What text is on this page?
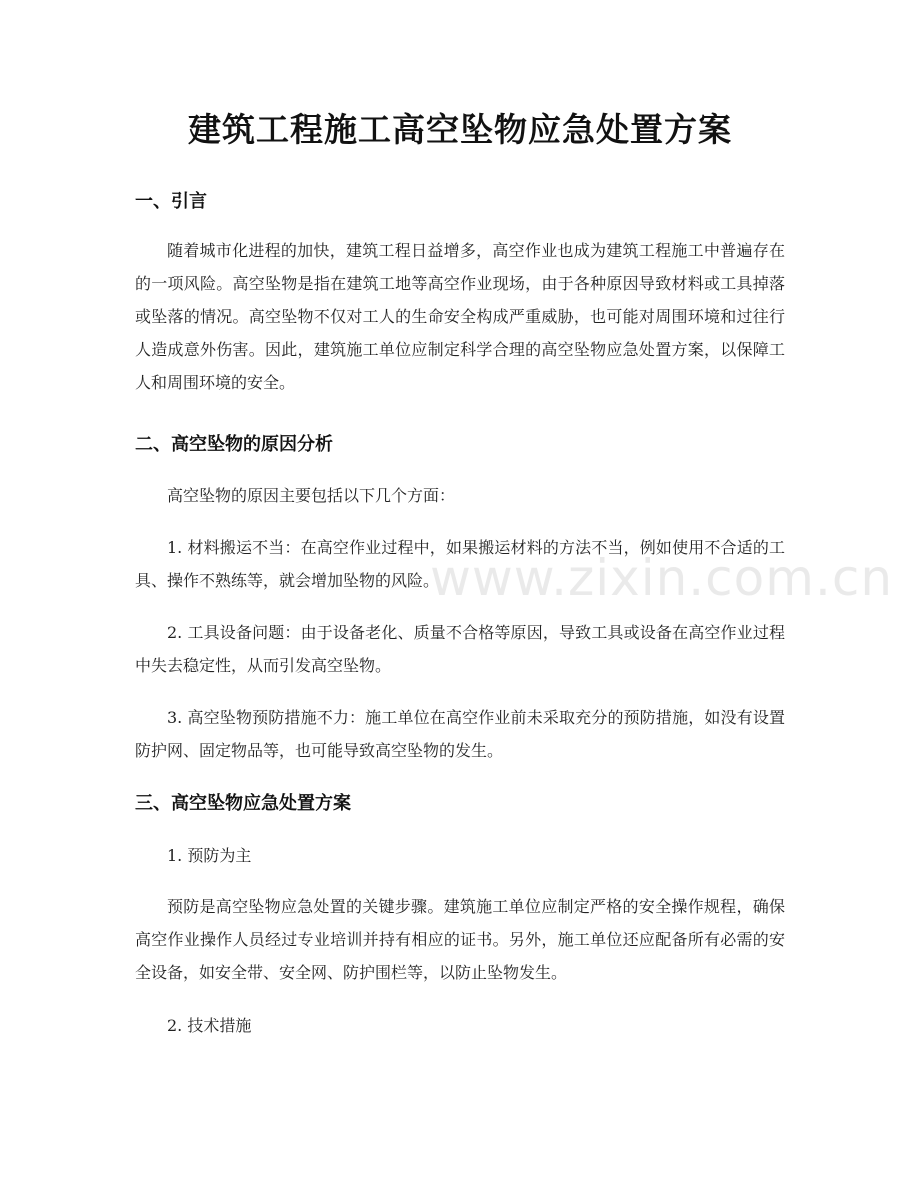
建筑工程施工高空坠物应急处置方案
一、引言
随着城市化进程的加快，建筑工程日益增多，高空作业也成为建筑工程施工中普遍存在的一项风险。高空坠物是指在建筑工地等高空作业现场，由于各种原因导致材料或工具掉落或坠落的情况。高空坠物不仅对工人的生命安全构成严重威胁，也可能对周围环境和过往行人造成意外伤害。因此，建筑施工单位应制定科学合理的高空坠物应急处置方案，以保障工人和周围环境的安全。
二、高空坠物的原因分析
高空坠物的原因主要包括以下几个方面：
1. 材料搬运不当：在高空作业过程中，如果搬运材料的方法不当，例如使用不合适的工具、操作不熟练等，就会增加坠物的风险。
2. 工具设备问题：由于设备老化、质量不合格等原因，导致工具或设备在高空作业过程中失去稳定性，从而引发高空坠物。
3. 高空坠物预防措施不力：施工单位在高空作业前未采取充分的预防措施，如没有设置防护网、固定物品等，也可能导致高空坠物的发生。
三、高空坠物应急处置方案
1. 预防为主
预防是高空坠物应急处置的关键步骤。建筑施工单位应制定严格的安全操作规程，确保高空作业操作人员经过专业培训并持有相应的证书。另外，施工单位还应配备所有必需的安全设备，如安全带、安全网、防护围栏等，以防止坠物发生。
2. 技术措施
www.zixin.com.cn
